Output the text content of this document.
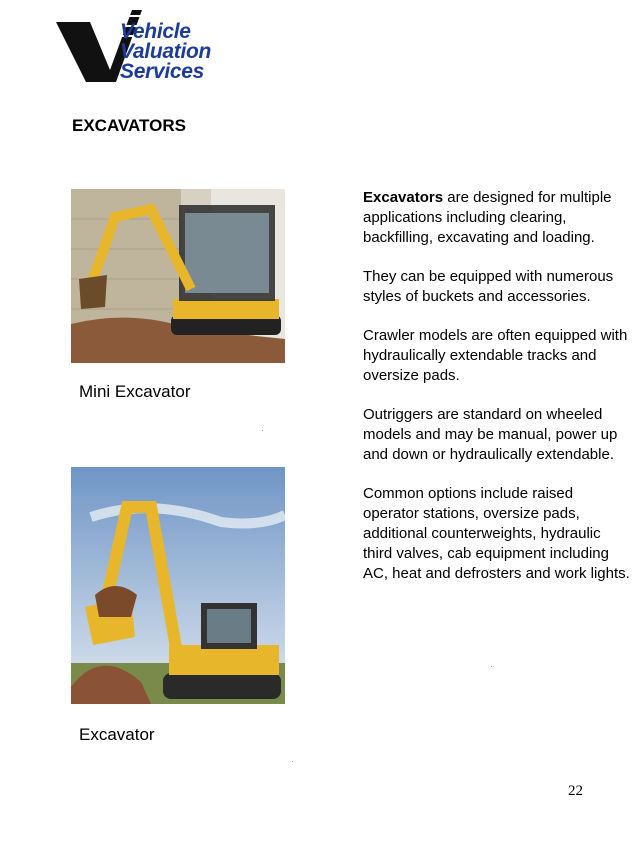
Vehicle
Valuation
Services
EXCAVATORS
Mini Excavator
Excavator

Excavators are designed for multiple applications including clearing, backfilling, excavating and loading.

They can be equipped with numerous styles of buckets and accessories.

Crawler models are often equipped with hydraulically extendable tracks and oversize pads.

Outriggers are standard on wheeled models and may be manual, power up and down or hydraulically extendable.

Common options include raised operator stations, oversize pads, additional counterweights, hydraulic third valves, cab equipment including AC, heat and defrosters and work lights.

22
